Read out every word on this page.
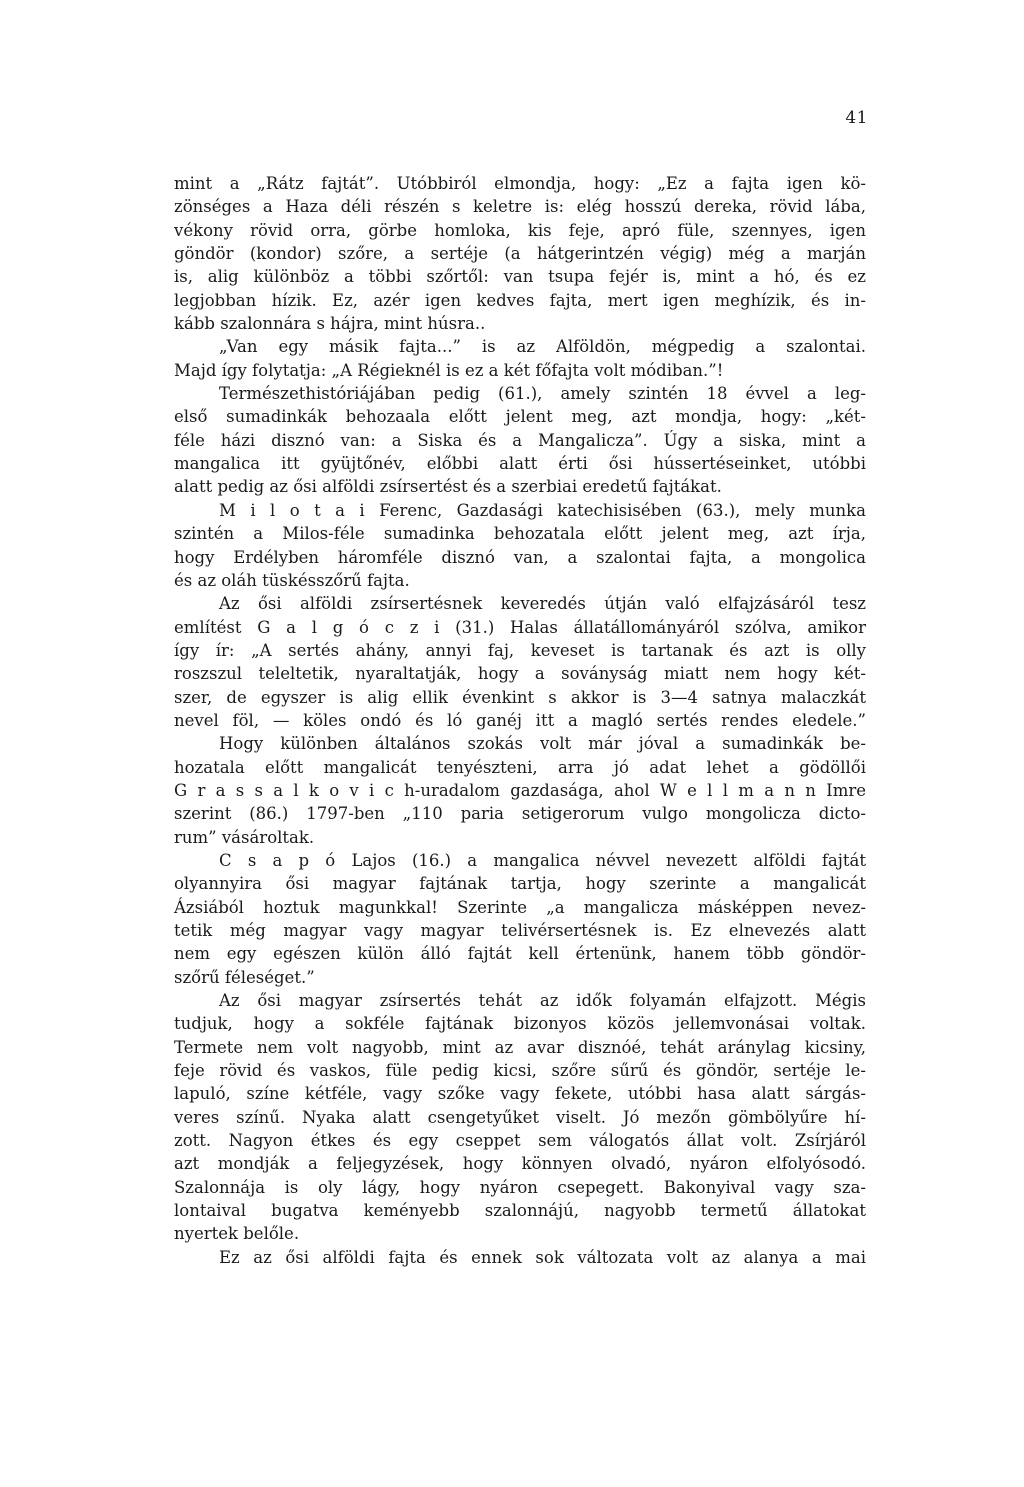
41
mint a „Rátz fajtát”. Utóbbiról elmondja, hogy: „Ez a fajta igen kö-
zönséges a Haza déli részén s keletre is: elég hosszú dereka, rövid lába,
vékony rövid orra, görbe homloka, kis feje, apró füle, szennyes, igen
göndör (kondor) szőre, a sertéje (a hátgerintzén végig) még a marján
is, alig különböz a többi szőrtől: van tsupa fejér is, mint a hó, és ez
legjobban hízik. Ez, azér igen kedves fajta, mert igen meghízik, és in-
kább szalonnára s hájra, mint húsra..
„Van egy másik fajta...” is az Alföldön, mégpedig a szalontai.
Majd így folytatja: „A Régieknél is ez a két főfajta volt módiban.”!
Természethistóriájában pedig (61.), amely szintén 18 évvel a leg-
első sumadinkák behozaala előtt jelent meg, azt mondja, hogy: „két-
féle házi disznó van: a Siska és a Mangalicza”. Úgy a siska, mint a
mangalica itt gyüjtőnév, előbbi alatt érti ősi hússertéseinket, utóbbi
alatt pedig az ősi alföldi zsírsertést és a szerbiai eredetű fajtákat.
M i l o t a i Ferenc, Gazdasági katechisisében (63.), mely munka
szintén a Milos-féle sumadinka behozatala előtt jelent meg, azt írja,
hogy Erdélyben háromféle disznó van, a szalontai fajta, a mongolica
és az oláh tüskésszőrű fajta.
Az ősi alföldi zsírsertésnek keveredés útján való elfajzásáról tesz
említést G a l g ó c z i (31.) Halas állatállományáról szólva, amikor
így ír: „A sertés ahány, annyi faj, keveset is tartanak és azt is olly
roszszul teleltetik, nyaraltatják, hogy a soványság miatt nem hogy két-
szer, de egyszer is alig ellik évenkint s akkor is 3—4 satnya malaczkát
nevel föl, — köles ondó és ló ganéj itt a magló sertés rendes eledele.”
Hogy különben általános szokás volt már jóval a sumadinkák be-
hozatala előtt mangalicát tenyészteni, arra jó adat lehet a gödöllői
G r a s s a l k o v i c h-uradalom gazdasága, ahol W e l l m a n n Imre
szerint (86.) 1797-ben „110 paria setigerorum vulgo mongolicza dicto-
rum” vásároltak.
C s a p ó Lajos (16.) a mangalica névvel nevezett alföldi fajtát
olyannyira ősi magyar fajtának tartja, hogy szerinte a mangalicát
Ázsiából hoztuk magunkkal! Szerinte „a mangalicza másképpen nevez-
tetik még magyar vagy magyar telivérsertésnek is. Ez elnevezés alatt
nem egy egészen külön álló fajtát kell értenünk, hanem több göndör-
szőrű féleséget.”
Az ősi magyar zsírsertés tehát az idők folyamán elfajzott. Mégis
tudjuk, hogy a sokféle fajtának bizonyos közös jellemvonásai voltak.
Termete nem volt nagyobb, mint az avar disznóé, tehát aránylag kicsiny,
feje rövid és vaskos, füle pedig kicsi, szőre sűrű és göndör, sertéje le-
lapuló, színe kétféle, vagy szőke vagy fekete, utóbbi hasa alatt sárgás-
veres színű. Nyaka alatt csengetyűket viselt. Jó mezőn gömbölyűre hí-
zott. Nagyon étkes és egy cseppet sem válogatós állat volt. Zsírjáról
azt mondják a feljegyzések, hogy könnyen olvadó, nyáron elfolyósodó.
Szalonnája is oly lágy, hogy nyáron csepegett. Bakonyival vagy sza-
lontaival bugatva keményebb szalonnájú, nagyobb termetű állatokat
nyertek belőle.
Ez az ősi alföldi fajta és ennek sok változata volt az alanya a mai
